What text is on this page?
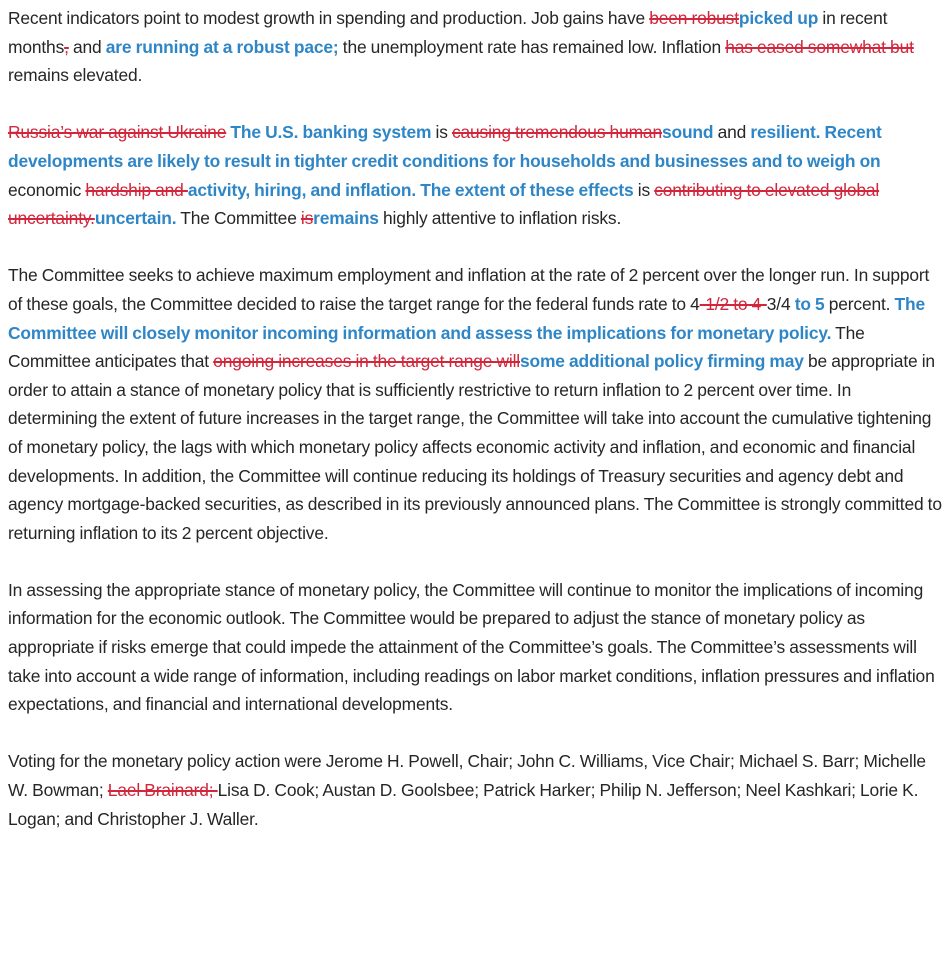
Recent indicators point to modest growth in spending and production. Job gains have been robustpicked up in recent months, and are running at a robust pace; the unemployment rate has remained low. Inflation has eased somewhat but remains elevated.

Russia’s war against Ukraine The U.S. banking system is causing tremendous humansound and resilient. Recent developments are likely to result in tighter credit conditions for households and businesses and to weigh on economic hardship and activity, hiring, and inflation. The extent of these effects is contributing to elevated global uncertainty.uncertain. The Committee isremains highly attentive to inflation risks.

The Committee seeks to achieve maximum employment and inflation at the rate of 2 percent over the longer run. In support of these goals, the Committee decided to raise the target range for the federal funds rate to 4-1/2 to 4-3/4 to 5 percent. The Committee will closely monitor incoming information and assess the implications for monetary policy. The Committee anticipates that ongoing increases in the target range willsome additional policy firming may be appropriate in order to attain a stance of monetary policy that is sufficiently restrictive to return inflation to 2 percent over time. In determining the extent of future increases in the target range, the Committee will take into account the cumulative tightening of monetary policy, the lags with which monetary policy affects economic activity and inflation, and economic and financial developments. In addition, the Committee will continue reducing its holdings of Treasury securities and agency debt and agency mortgage-backed securities, as described in its previously announced plans. The Committee is strongly committed to returning inflation to its 2 percent objective.

In assessing the appropriate stance of monetary policy, the Committee will continue to monitor the implications of incoming information for the economic outlook. The Committee would be prepared to adjust the stance of monetary policy as appropriate if risks emerge that could impede the attainment of the Committee’s goals. The Committee’s assessments will take into account a wide range of information, including readings on labor market conditions, inflation pressures and inflation expectations, and financial and international developments.

Voting for the monetary policy action were Jerome H. Powell, Chair; John C. Williams, Vice Chair; Michael S. Barr; Michelle W. Bowman; Lael Brainard; Lisa D. Cook; Austan D. Goolsbee; Patrick Harker; Philip N. Jefferson; Neel Kashkari; Lorie K. Logan; and Christopher J. Waller.
